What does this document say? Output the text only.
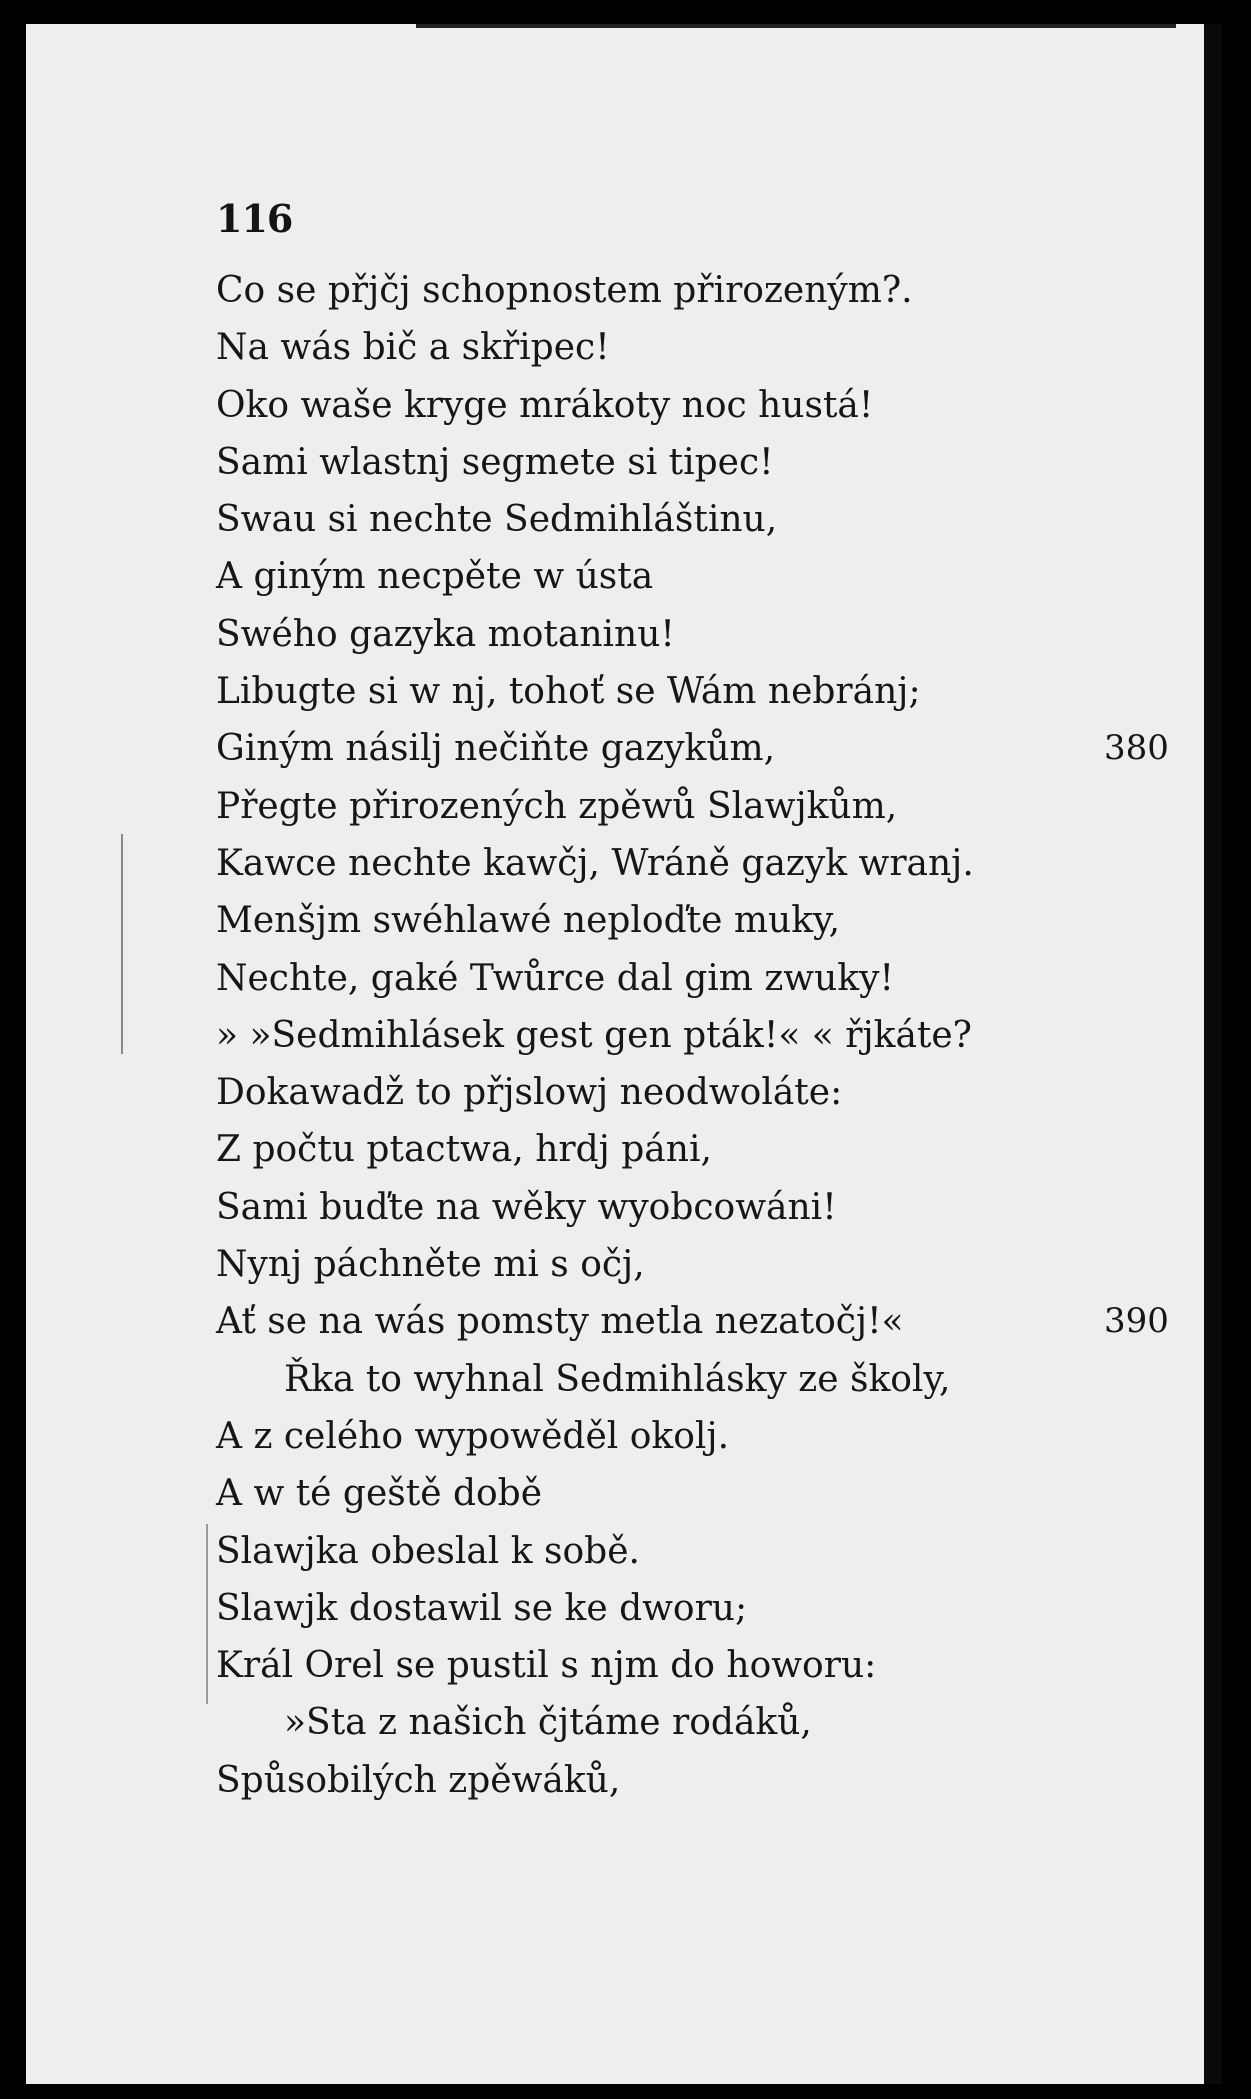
116
Co se přjčj schopnostem přirozeným?.
Na wás bič a skřipec!
Oko waše kryge mrákoty noc hustá!
Sami wlastnj segmete si tipec!
Swau si nechte Sedmihláštinu,
A giným necpěte w ústa
Swého gazyka motaninu!
Libugte si w nj, tohoť se Wám nebránj;
Giným násilj nečiňte gazykům,	380
Přegte přirozených zpěwů Slawjkům,
Kawce nechte kawčj, Wráně gazyk wranj.
Menšjm swéhlawé neploďte muky,
Nechte, gaké Twůrce dal gim zwuky!
» »Sedmihlásek gest gen pták!« « řjkáte?
Dokawadž to přjslowj neodwoláte:
Z počtu ptactwa, hrdj páni,
Sami buďte na wěky wyobcowáni!
Nynj páchněte mi s očj,
Ať se na wás pomsty metla nezatočj!«	390
Řka to wyhnal Sedmihlásky ze školy,
A z celého wypowěděl okolj.
A w té geště době
Slawjka obeslal k sobě.
Slawjk dostawil se ke dworu;
Král Orel se pustil s njm do howoru:
»Sta z našich čjtáme rodáků,
Spůsobilých zpěwáků,
